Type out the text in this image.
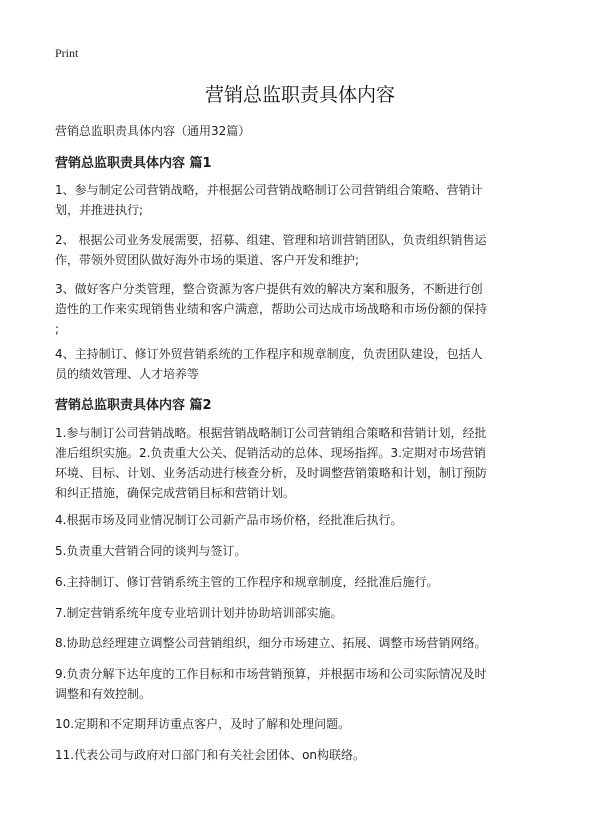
Print
营销总监职责具体内容
营销总监职责具体内容（通用32篇）
营销总监职责具体内容 篇1

1、参与制定公司营销战略，并根据公司营销战略制订公司营销组合策略、营销计
划，并推进执行;

2、 根据公司业务发展需要，招募、组建、管理和培训营销团队，负责组织销售运
作，带领外贸团队做好海外市场的渠道、客户开发和维护;

3、做好客户分类管理，整合资源为客户提供有效的解决方案和服务，不断进行创
造性的工作来实现销售业绩和客户满意，帮助公司达成市场战略和市场份额的保持
;

4、主持制订、修订外贸营销系统的工作程序和规章制度，负责团队建设，包括人
员的绩效管理、人才培养等

营销总监职责具体内容 篇2

1.参与制订公司营销战略。根据营销战略制订公司营销组合策略和营销计划，经批
准后组织实施。2.负责重大公关、促销活动的总体、现场指挥。3.定期对市场营销
环境、目标、计划、业务活动进行核查分析，及时调整营销策略和计划，制订预防
和纠正措施，确保完成营销目标和营销计划。

4.根据市场及同业情况制订公司新产品市场价格，经批准后执行。

5.负责重大营销合同的谈判与签订。

6.主持制订、修订营销系统主管的工作程序和规章制度，经批准后施行。

7.制定营销系统年度专业培训计划并协助培训部实施。

8.协助总经理建立调整公司营销组织，细分市场建立、拓展、调整市场营销网络。

9.负责分解下达年度的工作目标和市场营销预算，并根据市场和公司实际情况及时
调整和有效控制。

10.定期和不定期拜访重点客户，及时了解和处理问题。

11.代表公司与政府对口部门和有关社会团体、on构联络。
